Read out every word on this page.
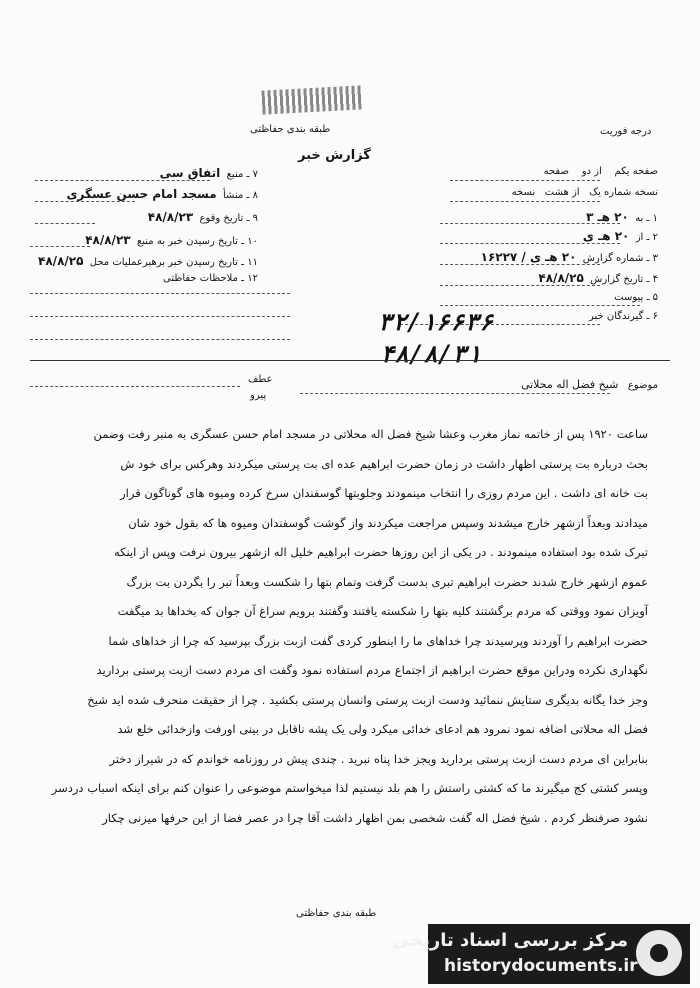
طبقه بندی حفاظتی	درجه فوریت
گزارش خبر
صفحه یکم    از دو    صفحه
نسخه شماره یک   از هشت   نسخه
۱ ـ به  ۲۰ هـ ۳
۲ ـ از  ۲۰ هـ ی
۳ ـ شماره گزارش  ۲۰ هـ ی / ۱۶۲۲۷
۴ ـ تاریخ گزارش  ۴۸/۸/۲۵
۵ ـ پیوست
۶ ـ گیرندگان خبر
۷ ـ منبع  اتفاق سی
۸ ـ منشأ  مسجد امام حسن عسگری
۹ ـ تاریخ وقوع  ۴۸/۸/۲۳
۱۰ ـ تاریخ رسیدن خبر به منبع  ۴۸/۸/۲۳
۱۱ ـ تاریخ رسیدن خبر برهبرعملیات محل  ۴۸/۸/۲۵
۱۲ ـ ملاحظات حفاظتی
۳۲/۱۶۶۳۶
۴۸/۸/۳۱
موضوع   شیخ فضل اله محلاتی
عطف
پیرو

ساعت ۱۹۲۰ پس از خاتمه نماز مغرب وعشا شیخ فضل اله محلاتی در مسجد امام حسن عسگری به منبر رفت وضمن

بحث درباره بت پرستی اظهار داشت در زمان حضرت ابراهیم عده ای بت پرستی میکردند وهرکس برای خود ش

بت خانه ای داشت . این مردم روزی را انتخاب مینمودند وجلوبتها گوسفندان سرخ کرده ومیوه های گوناگون قرار

میدادند وبعداً ازشهر خارج میشدند وسپس مراجعت میکردند واز گوشت گوسفندان ومیوه ها که بقول خود شان

تبرک شده بود استفاده مینمودند . در یکی از این روزها حضرت ابراهیم خلیل اله ازشهر بیرون نرفت وپس از اینکه

عموم ازشهر خارج شدند حضرت ابراهیم تبری بدست گرفت وتمام بتها را شکست وبعداً تبر را بگردن بت بزرگ

آویزان نمود ووقتی که مردم برگشتند کلیه بتها را شکسته یافتند وگفتند برویم سراغ آن جوان که بخداها بد میگفت

حضرت ابراهیم را آوردند وپرسیدند چرا خداهای ما را اینطور کردی گفت ازبت بزرگ بپرسید که چرا از خداهای شما

نگهداری نکرده ودراین موقع حضرت ابراهیم از اجتماع مردم استفاده نمود وگفت ای مردم دست ازبت پرستی بردارید

وجز خدا یگانه بدیگری ستایش ننمائید ودست ازبت پرستی وانسان پرستی بکشید . چرا از حقیقت منحرف شده اید شیخ

فضل اله محلاتی اضافه نمود نمرود هم ادعای خدائی میکرد ولی یک پشه ناقابل در بینی اورفت وازخدائی خلع شد

بنابراین ای مردم دست ازبت پرستی بردارید وبجز خدا پناه نبرید . چندی پیش در روزنامه خواندم که در شیراز دختر

وپسر کشتی کج میگیرند ما که کشتی راستش را هم بلد نیستیم لذا میخواستم موضوعی را عنوان کنم برای اینکه اسباب دردسر

نشود صرفنظر کردم . شیخ فضل اله گفت شخصی بمن اظهار داشت آقا چرا در عصر فضا از این حرفها میزنی چکار

طبقه بندی حفاظتی
مرکز بررسی اسناد تاریخی
historydocuments.ir
